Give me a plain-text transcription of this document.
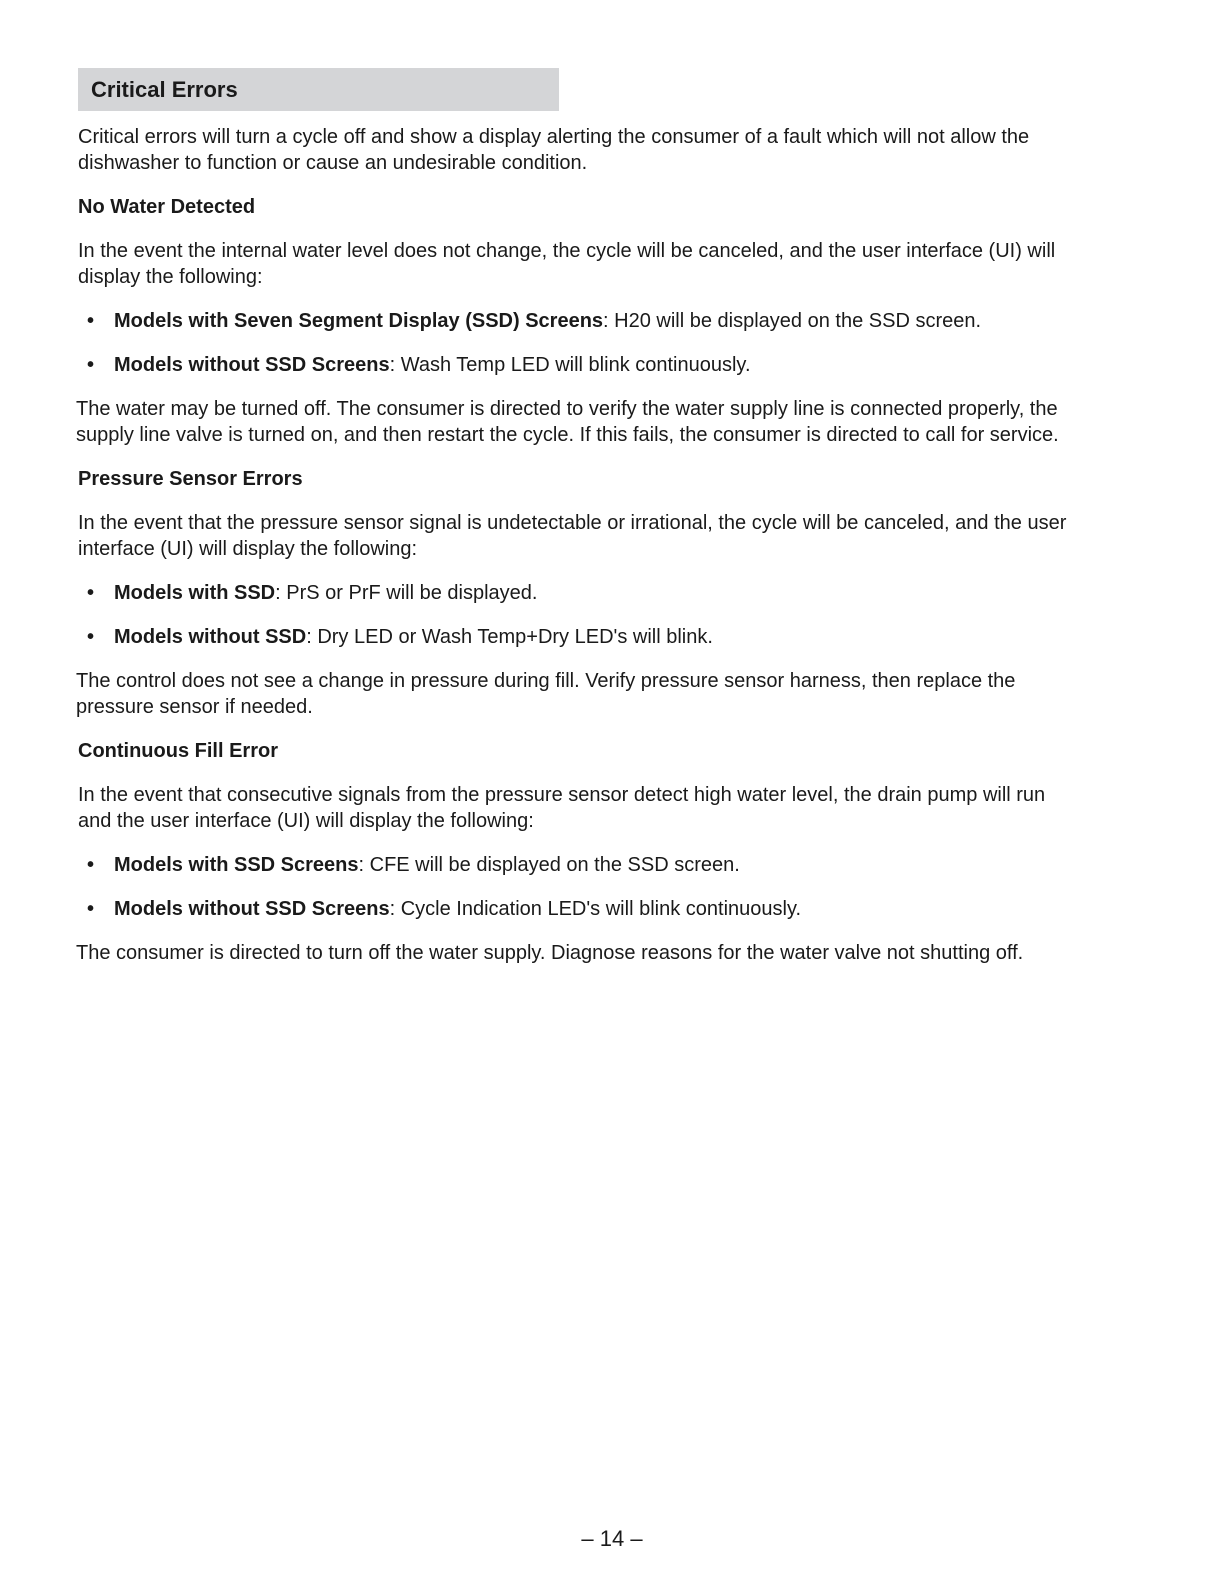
Critical Errors

Critical errors will turn a cycle off and show a display alerting the consumer of a fault which will not allow the dishwasher to function or cause an undesirable condition.

No Water Detected

In the event the internal water level does not change, the cycle will be canceled, and the user interface (UI) will display the following:

• Models with Seven Segment Display (SSD) Screens: H20 will be displayed on the SSD screen.
• Models without SSD Screens: Wash Temp LED will blink continuously.

The water may be turned off. The consumer is directed to verify the water supply line is connected properly, the supply line valve is turned on, and then restart the cycle. If this fails, the consumer is directed to call for service.

Pressure Sensor Errors

In the event that the pressure sensor signal is undetectable or irrational, the cycle will be canceled, and the user interface (UI) will display the following:

• Models with SSD: PrS or PrF will be displayed.
• Models without SSD: Dry LED or Wash Temp+Dry LED's will blink.

The control does not see a change in pressure during fill. Verify pressure sensor harness, then replace the pressure sensor if needed.

Continuous Fill Error

In the event that consecutive signals from the pressure sensor detect high water level, the drain pump will run and the user interface (UI) will display the following:

• Models with SSD Screens: CFE will be displayed on the SSD screen.
• Models without SSD Screens: Cycle Indication LED's will blink continuously.

The consumer is directed to turn off the water supply. Diagnose reasons for the water valve not shutting off.

– 14 –
